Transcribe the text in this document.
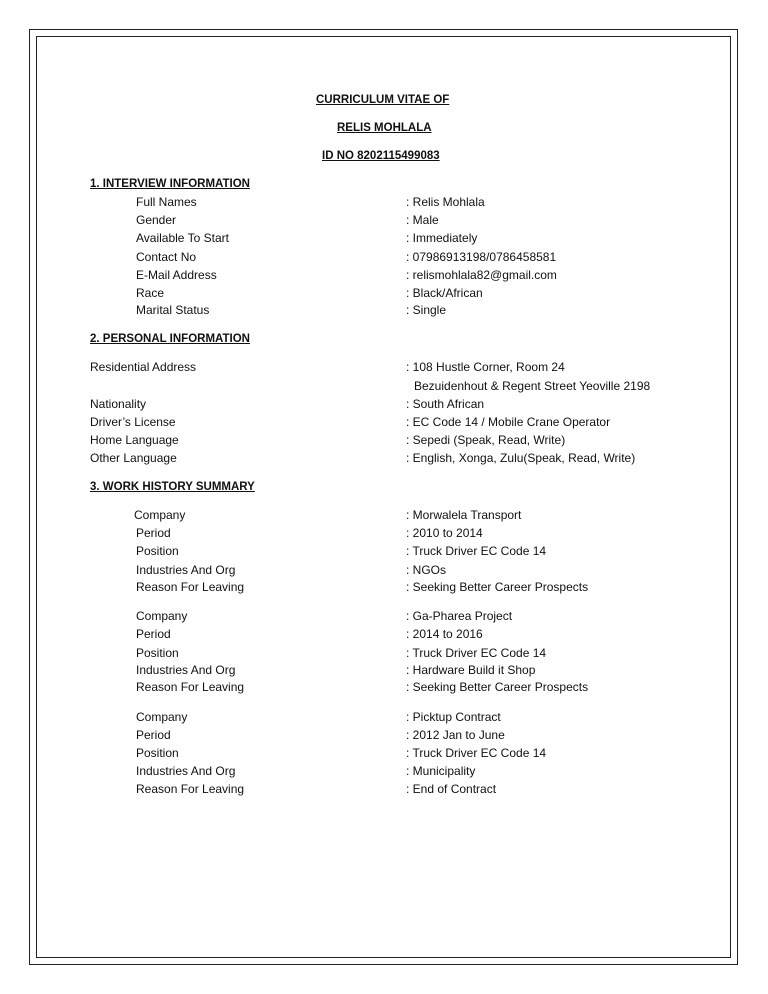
CURRICULUM VITAE OF
RELIS MOHLALA
ID NO 8202115499083
1. INTERVIEW INFORMATION
Full Names	: Relis Mohlala
Gender	: Male
Available To Start	: Immediately
Contact No	: 07986913198/0786458581
E-Mail Address	: relismohlala82@gmail.com
Race	: Black/African
Marital Status	: Single
2. PERSONAL INFORMATION
Residential Address	: 108 Hustle Corner, Room 24
Bezuidenhout & Regent Street Yeoville 2198
Nationality	: South African
Driver’s License	: EC Code 14 / Mobile Crane Operator
Home Language	: Sepedi (Speak, Read, Write)
Other Language	: English, Xonga, Zulu(Speak, Read, Write)
3. WORK HISTORY SUMMARY
Company	: Morwalela Transport
Period	: 2010 to 2014
Position	: Truck Driver EC Code 14
Industries And Org	: NGOs
Reason For Leaving	: Seeking Better Career Prospects
Company	: Ga-Pharea Project
Period	: 2014 to 2016
Position	: Truck Driver EC Code 14
Industries And Org	: Hardware Build it Shop
Reason For Leaving	: Seeking Better Career Prospects
Company	: Picktup Contract
Period	: 2012 Jan to June
Position	: Truck Driver EC Code 14
Industries And Org	: Municipality
Reason For Leaving	: End of Contract
